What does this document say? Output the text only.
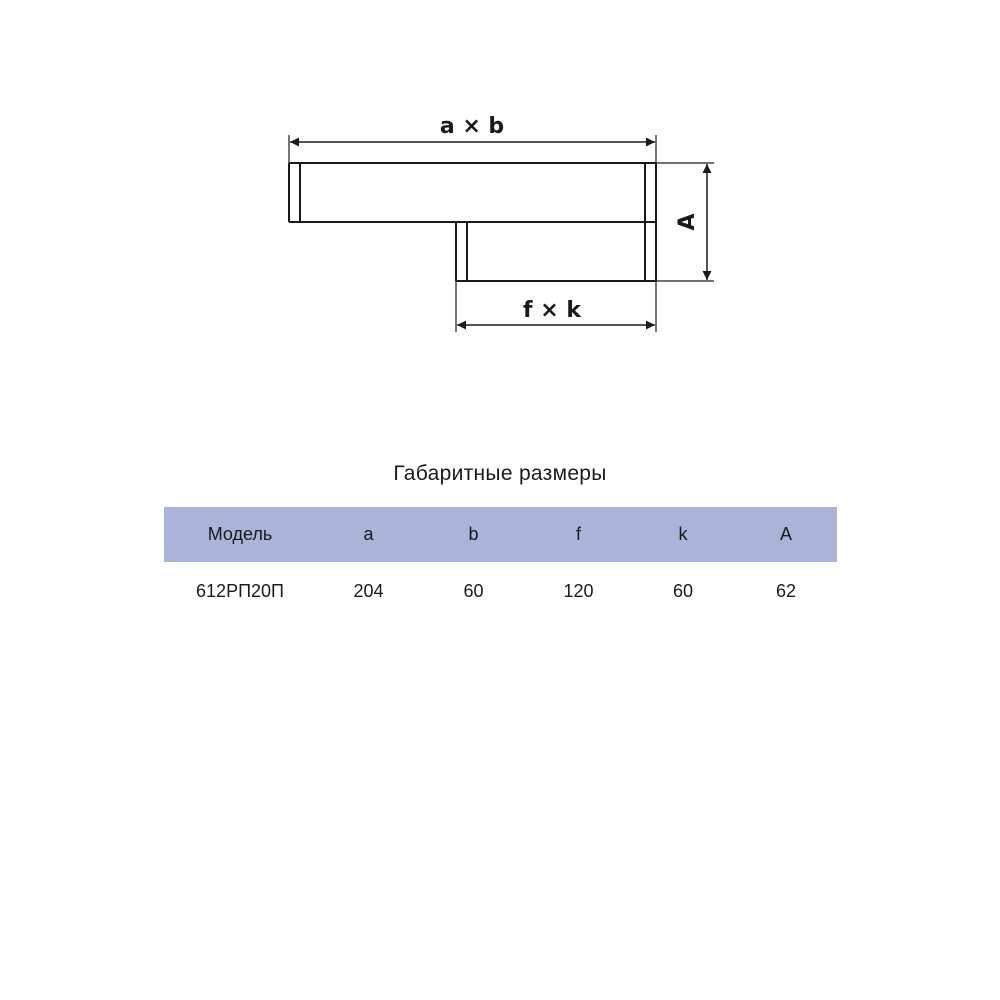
a × b
f × k
A
Габаритные размеры
Модель	a	b	f	k	A
612РП20П	204	60	120	60	62
